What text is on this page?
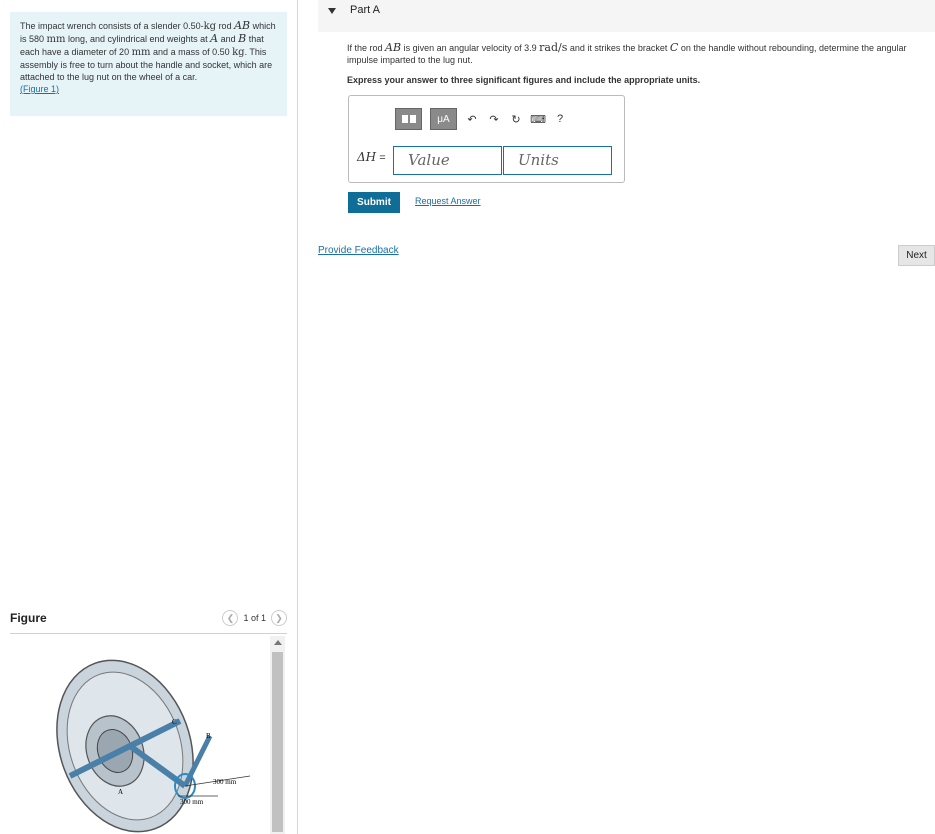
The impact wrench consists of a slender 0.50-kg rod AB which is 580 mm long, and cylindrical end weights at A and B that each have a diameter of 20 mm and a mass of 0.50 kg. This assembly is free to turn about the handle and socket, which are attached to the lug nut on the wheel of a car.
(Figure 1)
Figure	❮	1 of 1	❯
C
B
A
300 mm
300 mm
Part A
If the rod AB is given an angular velocity of 3.9 rad/s and it strikes the bracket C on the handle without rebounding, determine the angular impulse imparted to the lug nut.
Express your answer to three significant figures and include the appropriate units.
μA	↶ ↷ ↻ ⌨ ?
ΔH =	Value	Units
Submit	Request Answer
Provide Feedback	Next
